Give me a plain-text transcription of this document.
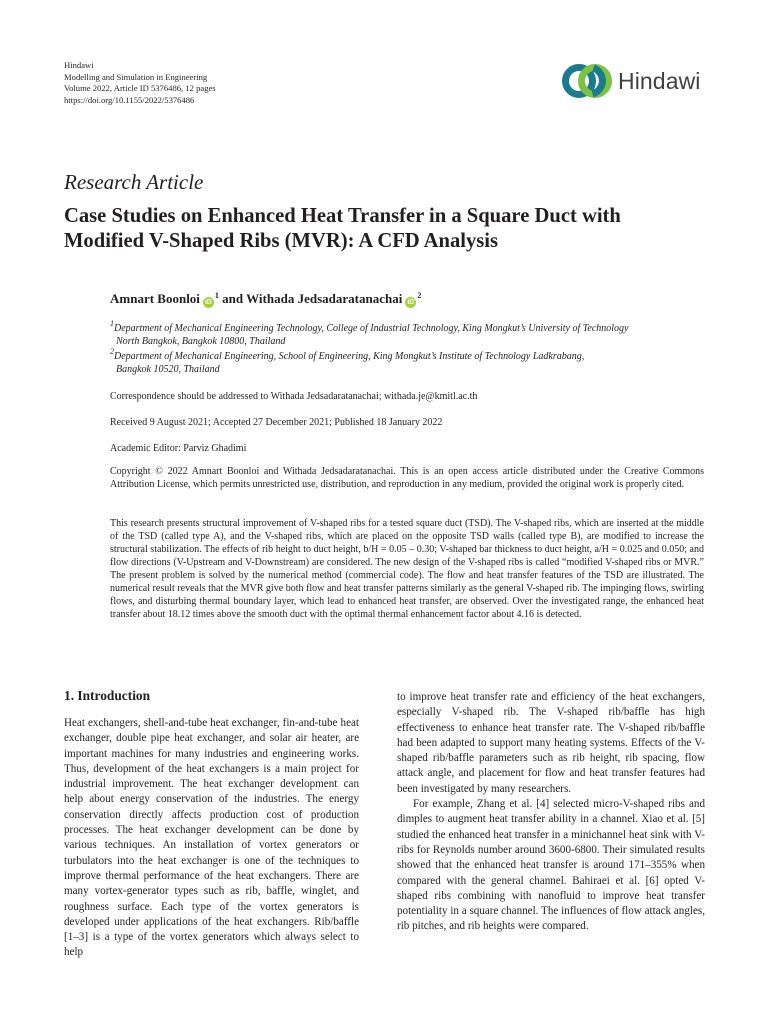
Hindawi
Modelling and Simulation in Engineering
Volume 2022, Article ID 5376486, 12 pages
https://doi.org/10.1155/2022/5376486
Hindawi
Research Article
Case Studies on Enhanced Heat Transfer in a Square Duct with
Modified V-Shaped Ribs (MVR): A CFD Analysis
Amnart Boonloi $iD^1$ and Withada Jedsadaratanachai $iD^2$
$^1$Department of Mechanical Engineering Technology, College of Industrial Technology, King Mongkut’s University of Technology
North Bangkok, Bangkok 10800, Thailand
$^2$Department of Mechanical Engineering, School of Engineering, King Mongkut’s Institute of Technology Ladkrabang,
Bangkok 10520, Thailand
Correspondence should be addressed to Withada Jedsadaratanachai; withada.je@kmitl.ac.th
Received 9 August 2021; Accepted 27 December 2021; Published 18 January 2022
Academic Editor: Parviz Ghadimi
Copyright © 2022 Amnart Boonloi and Withada Jedsadaratanachai. This is an open access article distributed under the Creative Commons Attribution License, which permits unrestricted use, distribution, and reproduction in any medium, provided the original work is properly cited.
This research presents structural improvement of V-shaped ribs for a tested square duct (TSD). The V-shaped ribs, which are inserted at the middle of the TSD (called type A), and the V-shaped ribs, which are placed on the opposite TSD walls (called type B), are modified to increase the structural stabilization. The effects of rib height to duct height, b/H = 0.05 – 0.30; V-shaped bar thickness to duct height, a/H = 0.025 and 0.050; and flow directions (V-Upstream and V-Downstream) are considered. The new design of the V-shaped ribs is called “modified V-shaped ribs or MVR.” The present problem is solved by the numerical method (commercial code). The flow and heat transfer features of the TSD are illustrated. The numerical result reveals that the MVR give both flow and heat transfer patterns similarly as the general V-shaped rib. The impinging flows, swirling flows, and disturbing thermal boundary layer, which lead to enhanced heat transfer, are observed. Over the investigated range, the enhanced heat transfer about 18.12 times above the smooth duct with the optimal thermal enhancement factor about 4.16 is detected.
1. Introduction

Heat exchangers, shell-and-tube heat exchanger, fin-and-tube heat exchanger, double pipe heat exchanger, and solar air heater, are important machines for many industries and engineering works. Thus, development of the heat exchangers is a main project for industrial improvement. The heat exchanger development can help about energy conservation of the industries. The energy conservation directly affects production cost of production processes. The heat exchanger development can be done by various techniques. An installation of vortex generators or turbulators into the heat exchanger is one of the techniques to improve thermal performance of the heat exchangers. There are many vortex-generator types such as rib, baffle, winglet, and roughness surface. Each type of the vortex generators is developed under applications of the heat exchangers. Rib/baffle [1–3] is a type of the vortex generators which always select to help

to improve heat transfer rate and efficiency of the heat exchangers, especially V-shaped rib. The V-shaped rib/baffle has high effectiveness to enhance heat transfer rate. The V-shaped rib/baffle had been adapted to support many heating systems. Effects of the V-shaped rib/baffle parameters such as rib height, rib spacing, flow attack angle, and placement for flow and heat transfer features had been investigated by many researchers.

For example, Zhang et al. [4] selected micro-V-shaped ribs and dimples to augment heat transfer ability in a channel. Xiao et al. [5] studied the enhanced heat transfer in a minichannel heat sink with V-ribs for Reynolds number around 3600-6800. Their simulated results showed that the enhanced heat transfer is around 171–355% when compared with the general channel. Bahiraei et al. [6] opted V-shaped ribs combining with nanofluid to improve heat transfer potentiality in a square channel. The influences of flow attack angles, rib pitches, and rib heights were compared.
